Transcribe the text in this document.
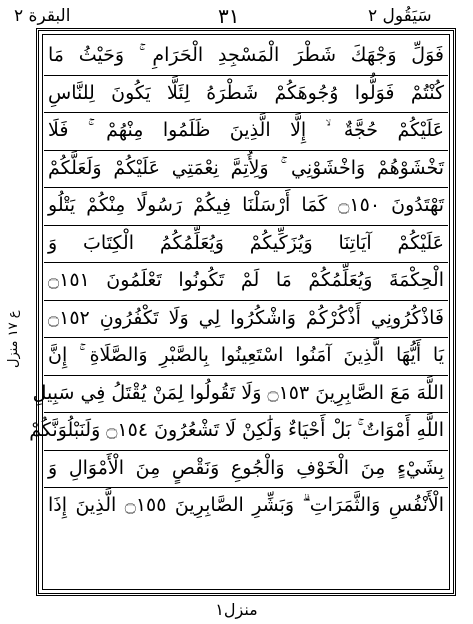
سَيَقُول ٢
٣١
البقرة ٢
ع ۱۷ منزل
فَوَلِّ وَجْهَكَ شَطْرَ الْمَسْجِدِ الْحَرَامِ ۚ وَحَيْثُ مَا
كُنْتُمْ فَوَلُّوا وُجُوهَكُمْ شَطْرَهُ لِئَلَّا يَكُونَ لِلنَّاسِ
عَلَيْكُمْ حُجَّةٌ ۙ إِلَّا الَّذِينَ ظَلَمُوا مِنْهُمْ ۚ فَلَا
تَخْشَوْهُمْ وَاخْشَوْنِي ۚ وَلِأُتِمَّ نِعْمَتِي عَلَيْكُمْ وَلَعَلَّكُمْ
تَهْتَدُونَ ۝١٥٠ كَمَا أَرْسَلْنَا فِيكُمْ رَسُولًا مِنْكُمْ يَتْلُو
عَلَيْكُمْ آيَاتِنَا وَيُزَكِّيكُمْ وَيُعَلِّمُكُمُ الْكِتَابَ وَ
الْحِكْمَةَ وَيُعَلِّمُكُمْ مَا لَمْ تَكُونُوا تَعْلَمُونَ ۝١٥١
فَاذْكُرُونِي أَذْكُرْكُمْ وَاشْكُرُوا لِي وَلَا تَكْفُرُونِ ۝١٥٢
يَا أَيُّهَا الَّذِينَ آمَنُوا اسْتَعِينُوا بِالصَّبْرِ وَالصَّلَاةِ ۚ إِنَّ
اللَّهَ مَعَ الصَّابِرِينَ ۝١٥٣ وَلَا تَقُولُوا لِمَنْ يُقْتَلُ فِي سَبِيلِ
اللَّهِ أَمْوَاتٌ ۚ بَلْ أَحْيَاءٌ وَلَٰكِنْ لَا تَشْعُرُونَ ۝١٥٤ وَلَنَبْلُوَنَّكُمْ
بِشَيْءٍ مِنَ الْخَوْفِ وَالْجُوعِ وَنَقْصٍ مِنَ الْأَمْوَالِ وَ
الْأَنْفُسِ وَالثَّمَرَاتِ ۗ وَبَشِّرِ الصَّابِرِينَ ۝١٥٥ الَّذِينَ إِذَا
منزل١
